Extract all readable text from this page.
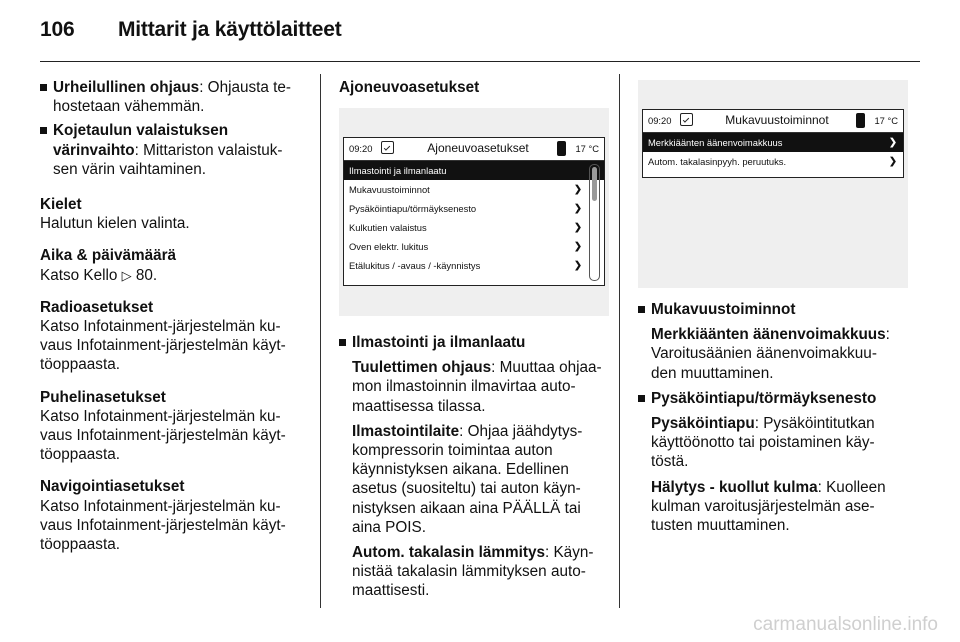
106 Mittarit ja käyttölaitteet
Urheilullinen ohjaus: Ohjausta te-
hostetaan vähemmän.
Kojetaulun valaistuksen
värinvaihto: Mittariston valaistuk-
sen värin vaihtaminen.
Kielet
Halutun kielen valinta.
Aika & päivämäärä
Katso Kello ▷ 80.
Radioasetukset
Katso Infotainment-järjestelmän ku-
vaus Infotainment-järjestelmän käyt-
töoppaasta.
Puhelinasetukset
Katso Infotainment-järjestelmän ku-
vaus Infotainment-järjestelmän käyt-
töoppaasta.
Navigointiasetukset
Katso Infotainment-järjestelmän ku-
vaus Infotainment-järjestelmän käyt-
töoppaasta.
Ajoneuvoasetukset
09:20	Ajoneuvoasetukset	17 °C
Ilmastointi ja ilmanlaatu
Mukavuustoiminnot	❯
Pysäköintiapu/törmäyksenesto	❯
Kulkutien valaistus	❯
Oven elektr. lukitus	❯
Etälukitus / -avaus / -käynnistys	❯
Ilmastointi ja ilmanlaatu
Tuulettimen ohjaus: Muuttaa ohjaa-
mon ilmastoinnin ilmavirtaa auto-
maattisessa tilassa.
Ilmastointilaite: Ohjaa jäähdytys-
kompressorin toimintaa auton
käynnistyksen aikana. Edellinen
asetus (suositeltu) tai auton käyn-
nistyksen aikaan aina PÄÄLLÄ tai
aina POIS.
Autom. takalasin lämmitys: Käyn-
nistää takalasin lämmityksen auto-
maattisesti.
09:20	Mukavuustoiminnot	17 °C
Merkkiäänten äänenvoimakkuus	❯
Autom. takalasinpyyh. peruutuks.	❯
Mukavuustoiminnot
Merkkiäänten äänenvoimakkuus:
Varoitusäänien äänenvoimakkuu-
den muuttaminen.
Pysäköintiapu/törmäyksenesto
Pysäköintiapu: Pysäköintitutkan
käyttöönotto tai poistaminen käy-
töstä.
Hälytys - kuollut kulma: Kuolleen
kulman varoitusjärjestelmän ase-
tusten muuttaminen.
carmanualsonline.info
